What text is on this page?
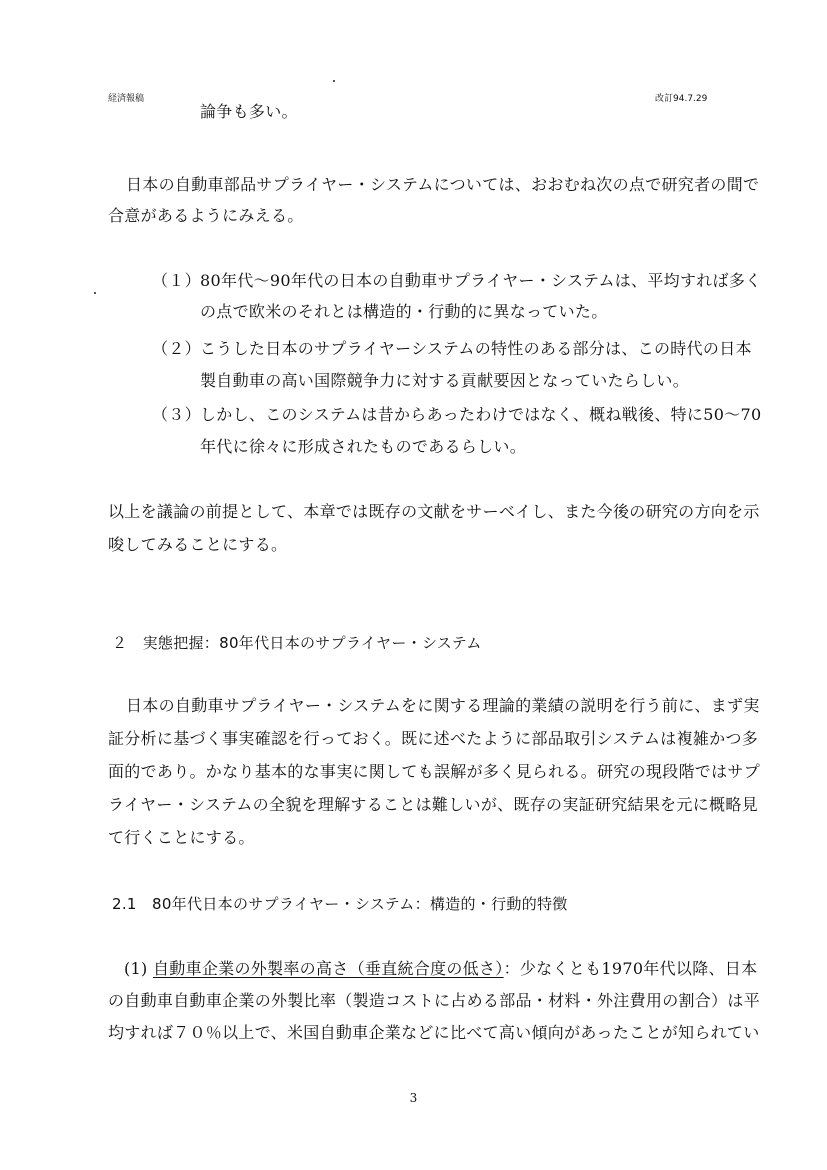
経済報稿	改訂94.7.29
論争も多い。
日本の自動車部品サプライヤー・システムについては、おおむね次の点で研究者の間で
合意があるようにみえる。
（１） 80年代～90年代の日本の自動車サプライヤー・システムは、平均すれば多く
の点で欧米のそれとは構造的・行動的に異なっていた。
（２） こうした日本のサプライヤーシステムの特性のある部分は、この時代の日本
製自動車の高い国際競争力に対する貢献要因となっていたらしい。
（３） しかし、このシステムは昔からあったわけではなく、概ね戦後、特に50～70
年代に徐々に形成されたものであるらしい。
以上を議論の前提として、本章では既存の文献をサーベイし、また今後の研究の方向を示
唆してみることにする。
２　実態把握：80年代日本のサプライヤー・システム
日本の自動車サプライヤー・システムをに関する理論的業績の説明を行う前に、まず実
証分析に基づく事実確認を行っておく。既に述べたように部品取引システムは複雑かつ多
面的であり。かなり基本的な事実に関しても誤解が多く見られる。研究の現段階ではサプ
ライヤー・システムの全貌を理解することは難しいが、既存の実証研究結果を元に概略見
て行くことにする。
2.1　80年代日本のサプライヤー・システム：構造的・行動的特徴
(1) 自動車企業の外製率の高さ（垂直統合度の低さ）：少なくとも1970年代以降、日本
の自動車自動車企業の外製比率（製造コストに占める部品・材料・外注費用の割合）は平
均すれば７０％以上で、米国自動車企業などに比べて高い傾向があったことが知られてい
3
